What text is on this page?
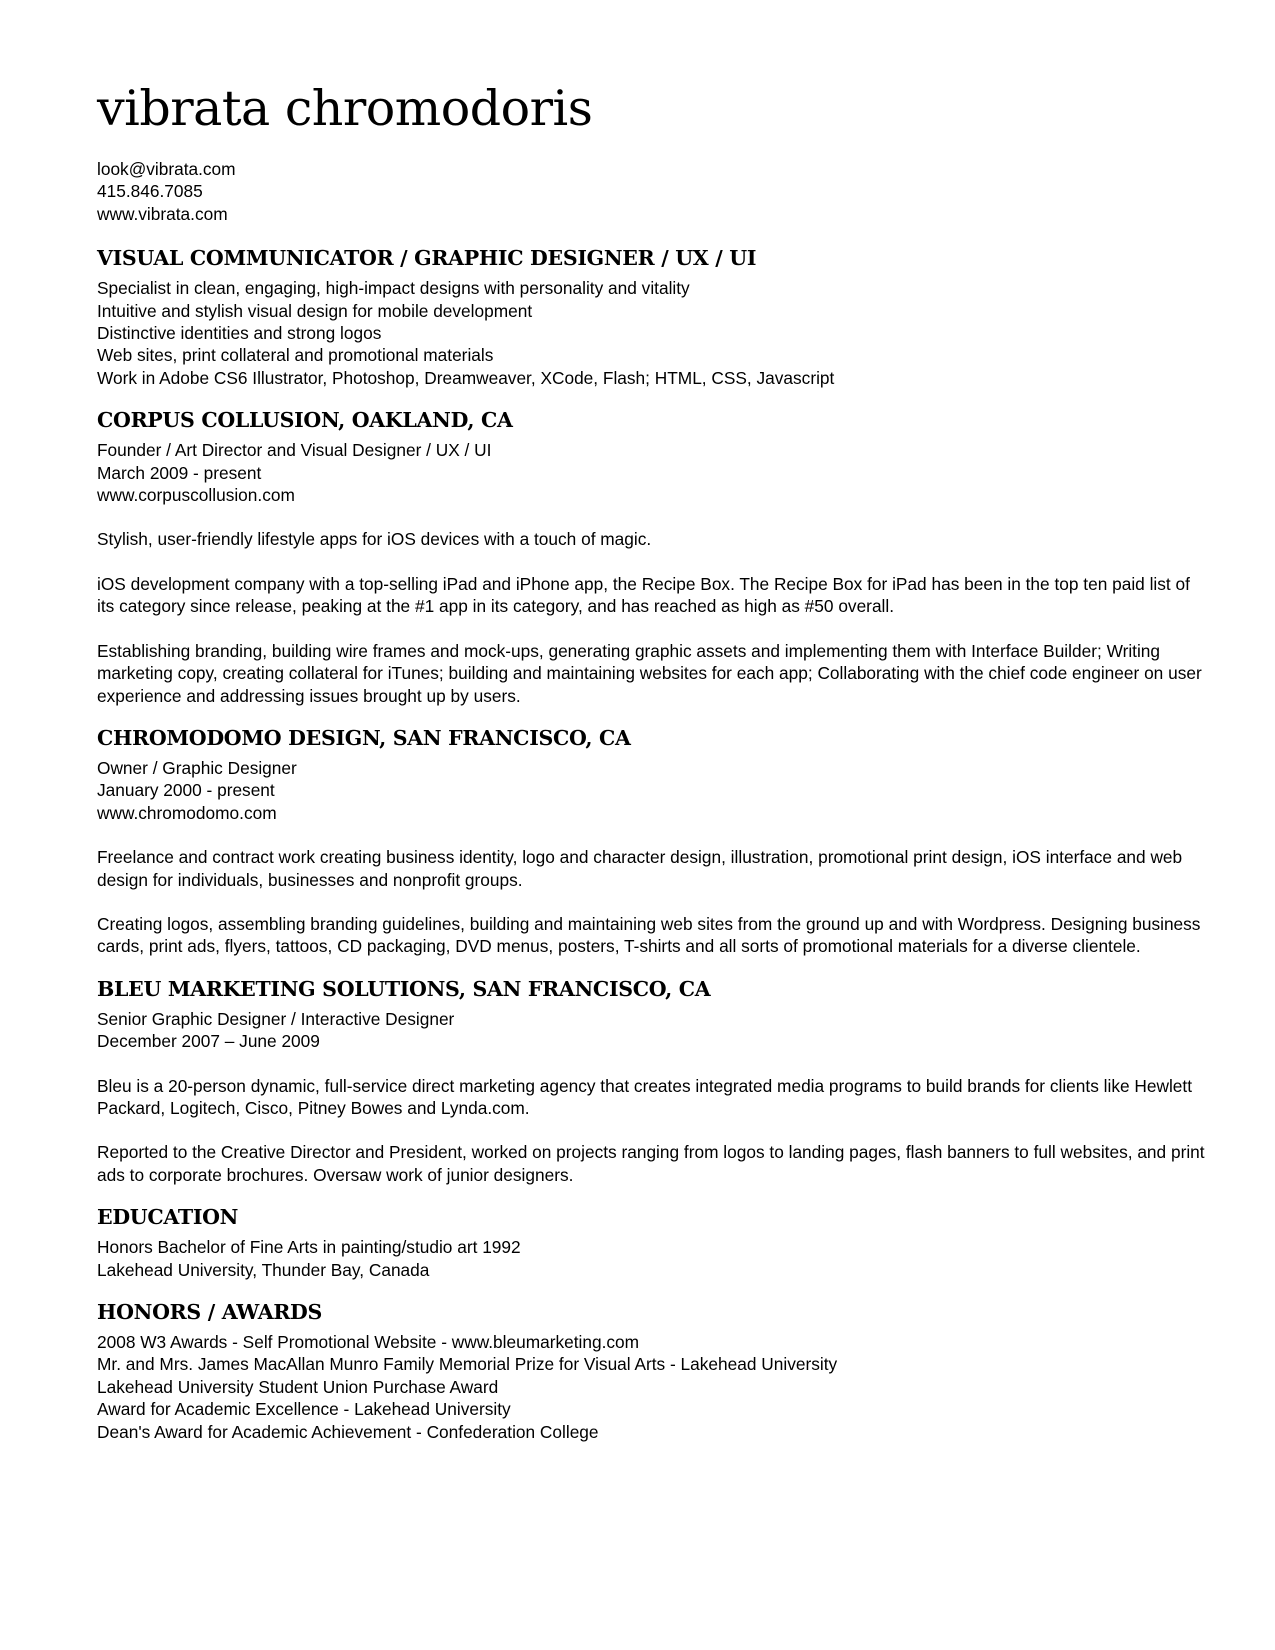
vibrata chromodoris
look@vibrata.com
415.846.7085
www.vibrata.com
VISUAL COMMUNICATOR / GRAPHIC DESIGNER / UX / UI
Specialist in clean, engaging, high-impact designs with personality and vitality
Intuitive and stylish visual design for mobile development
Distinctive identities and strong logos
Web sites, print collateral and promotional materials
Work in Adobe CS6 Illustrator, Photoshop, Dreamweaver, XCode, Flash; HTML, CSS, Javascript
CORPUS COLLUSION, OAKLAND, CA
Founder / Art Director and Visual Designer / UX / UI
March 2009 - present
www.corpuscollusion.com

Stylish, user-friendly lifestyle apps for iOS devices with a touch of magic.

iOS development company with a top-selling iPad and iPhone app, the Recipe Box. The Recipe Box for iPad has been in the top ten paid list of its category since release, peaking at the #1 app in its category, and has reached as high as #50 overall.

Establishing branding, building wire frames and mock-ups, generating graphic assets and implementing them with Interface Builder; Writing marketing copy, creating collateral for iTunes; building and maintaining websites for each app; Collaborating with the chief code engineer on user experience and addressing issues brought up by users.

CHROMODOMO DESIGN, SAN FRANCISCO, CA
Owner / Graphic Designer
January 2000 - present
www.chromodomo.com

Freelance and contract work creating business identity, logo and character design, illustration, promotional print design, iOS interface and web design for individuals, businesses and nonprofit groups.

Creating logos, assembling branding guidelines, building and maintaining web sites from the ground up and with Wordpress. Designing business cards, print ads, flyers, tattoos, CD packaging, DVD menus, posters, T-shirts and all sorts of promotional materials for a diverse clientele.

BLEU MARKETING SOLUTIONS, SAN FRANCISCO, CA
Senior Graphic Designer / Interactive Designer
December 2007 – June 2009

Bleu is a 20-person dynamic, full-service direct marketing agency that creates integrated media programs to build brands for clients like Hewlett Packard, Logitech, Cisco, Pitney Bowes and Lynda.com.

Reported to the Creative Director and President, worked on projects ranging from logos to landing pages, flash banners to full websites, and print ads to corporate brochures. Oversaw work of junior designers.

EDUCATION
Honors Bachelor of Fine Arts in painting/studio art 1992
Lakehead University, Thunder Bay, Canada
HONORS / AWARDS
2008 W3 Awards - Self Promotional Website - www.bleumarketing.com
Mr. and Mrs. James MacAllan Munro Family Memorial Prize for Visual Arts - Lakehead University
Lakehead University Student Union Purchase Award
Award for Academic Excellence - Lakehead University
Dean's Award for Academic Achievement - Confederation College
